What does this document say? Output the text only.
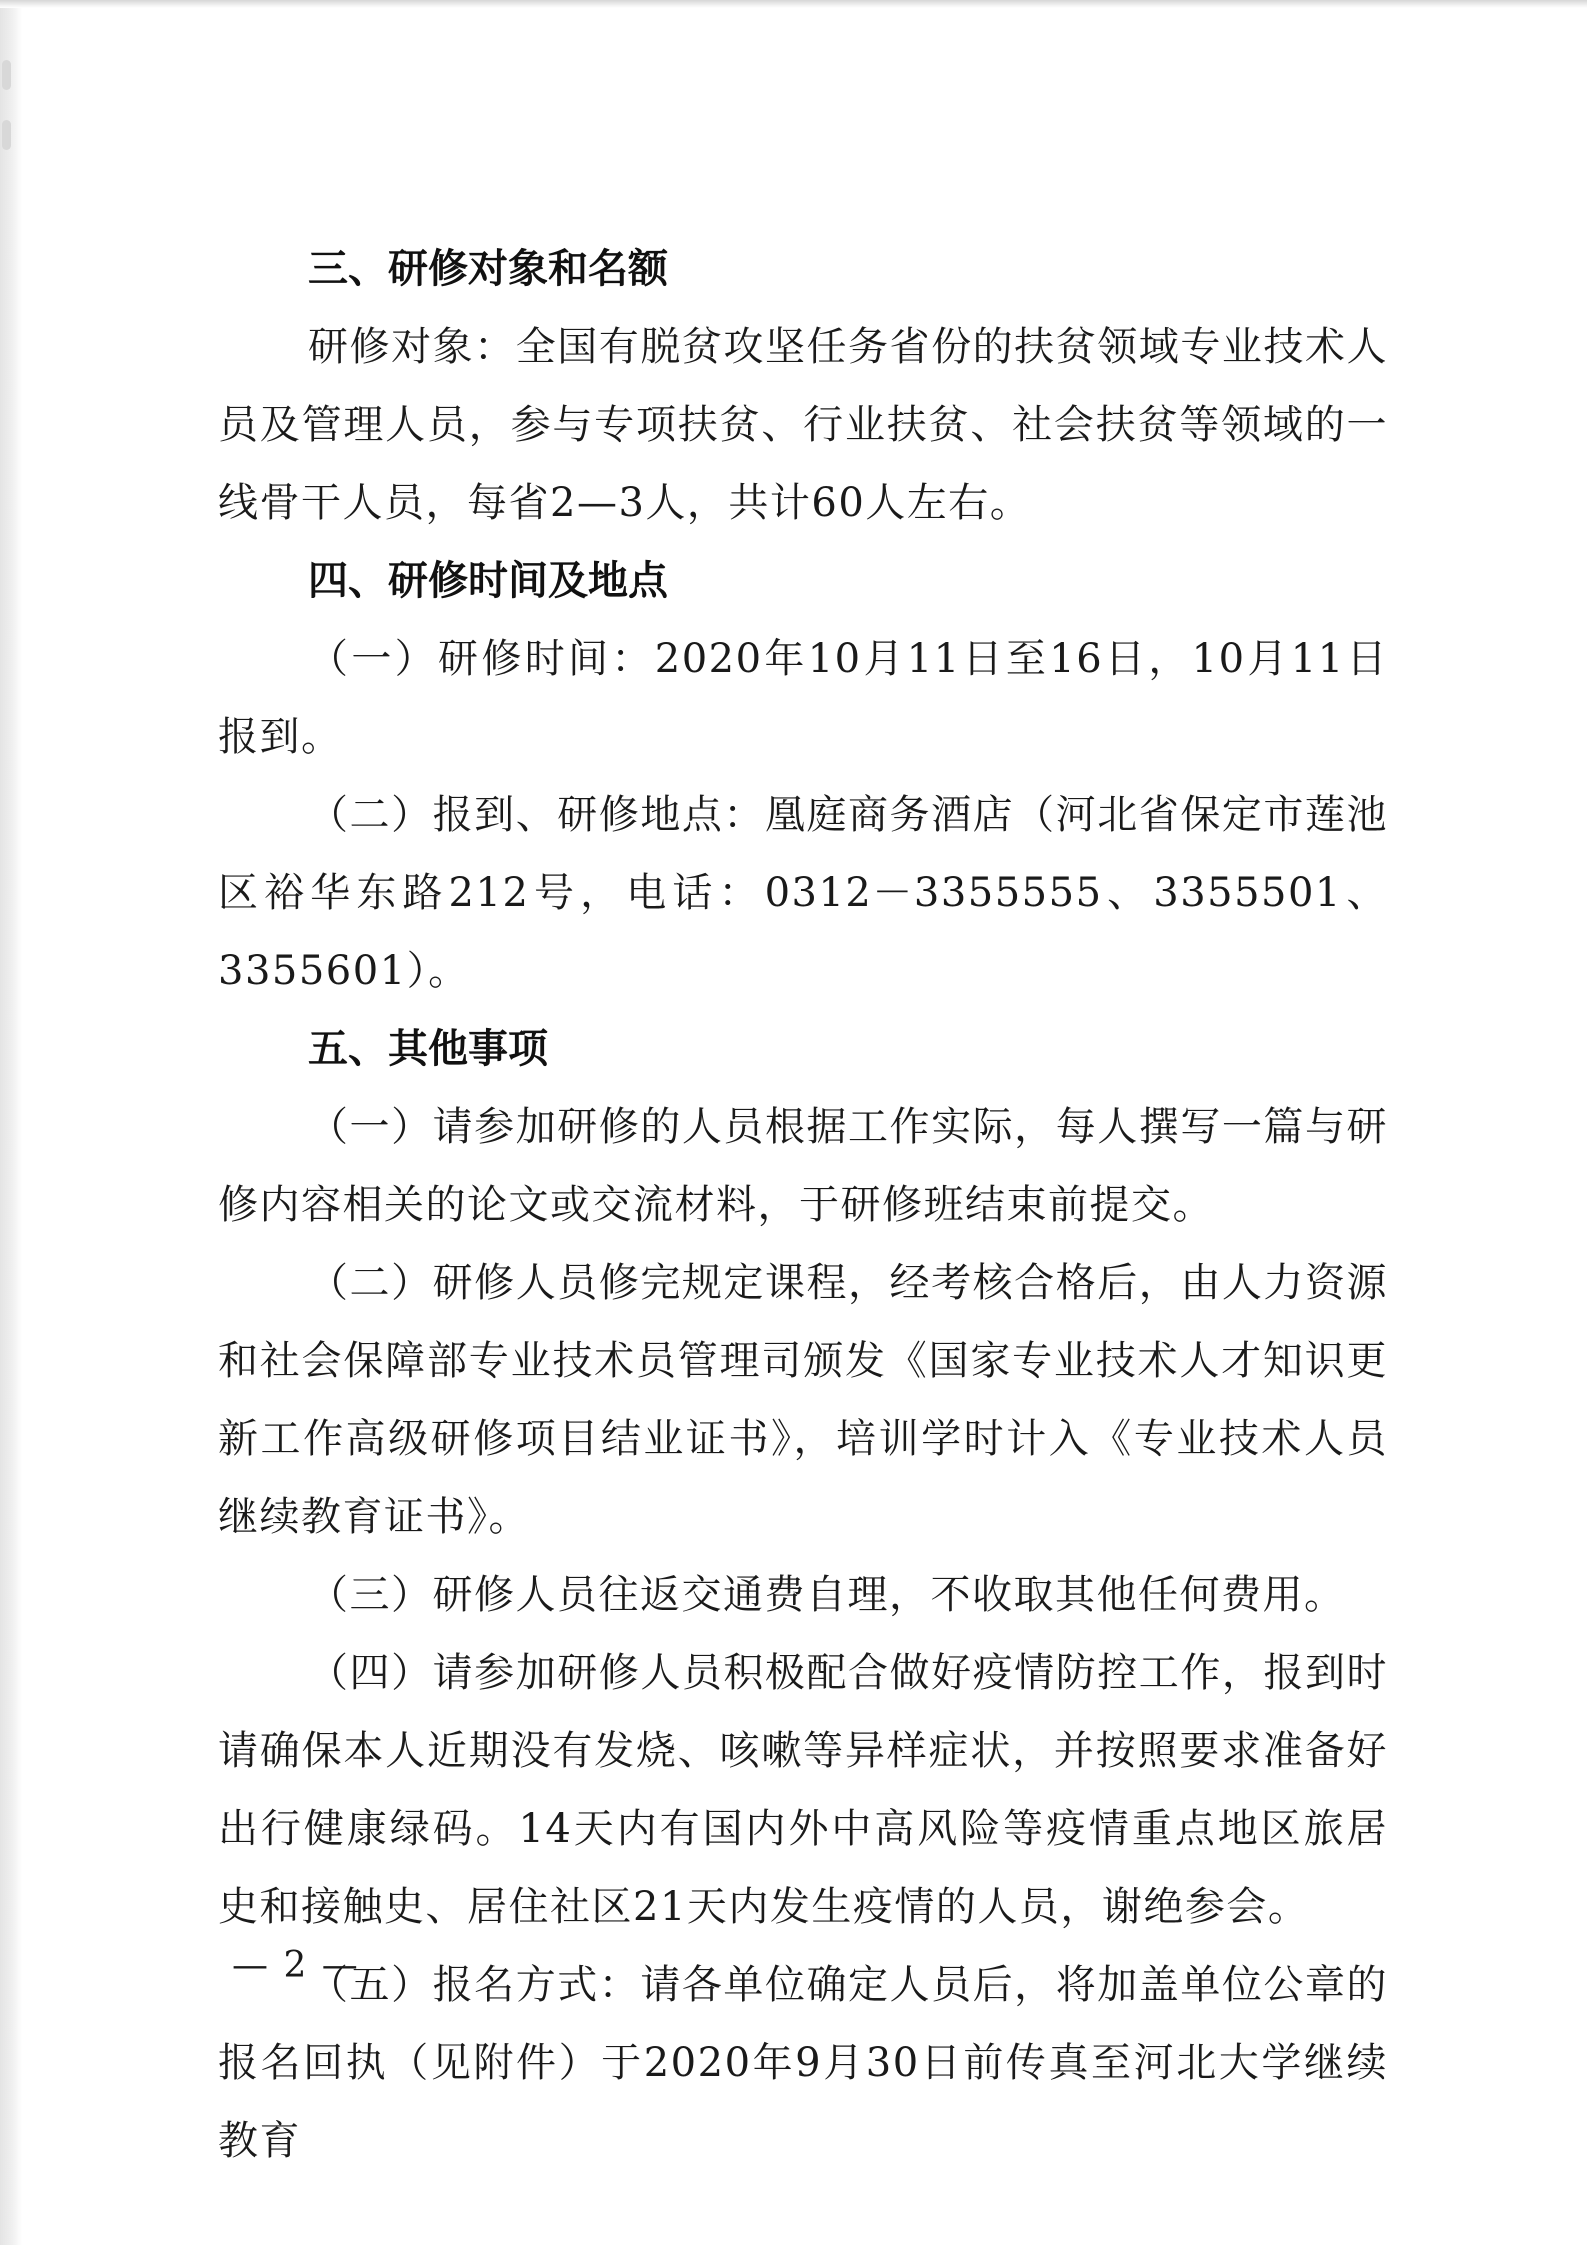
三、研修对象和名额

研修对象：全国有脱贫攻坚任务省份的扶贫领域专业技术人员及管理人员，参与专项扶贫、行业扶贫、社会扶贫等领域的一线骨干人员，每省2—3人，共计60人左右。

四、研修时间及地点

（一）研修时间：2020年10月11日至16日，10月11日报到。

（二）报到、研修地点：凰庭商务酒店（河北省保定市莲池区裕华东路212号，电话：0312－3355555、3355501、3355601）。

五、其他事项

（一）请参加研修的人员根据工作实际，每人撰写一篇与研修内容相关的论文或交流材料，于研修班结束前提交。

（二）研修人员修完规定课程，经考核合格后，由人力资源和社会保障部专业技术员管理司颁发《国家专业技术人才知识更新工作高级研修项目结业证书》，培训学时计入《专业技术人员继续教育证书》。

（三）研修人员往返交通费自理，不收取其他任何费用。

（四）请参加研修人员积极配合做好疫情防控工作，报到时请确保本人近期没有发烧、咳嗽等异样症状，并按照要求准备好出行健康绿码。14天内有国内外中高风险等疫情重点地区旅居史和接触史、居住社区21天内发生疫情的人员，谢绝参会。

（五）报名方式：请各单位确定人员后，将加盖单位公章的报名回执（见附件）于2020年9月30日前传真至河北大学继续教育

— 2 —
